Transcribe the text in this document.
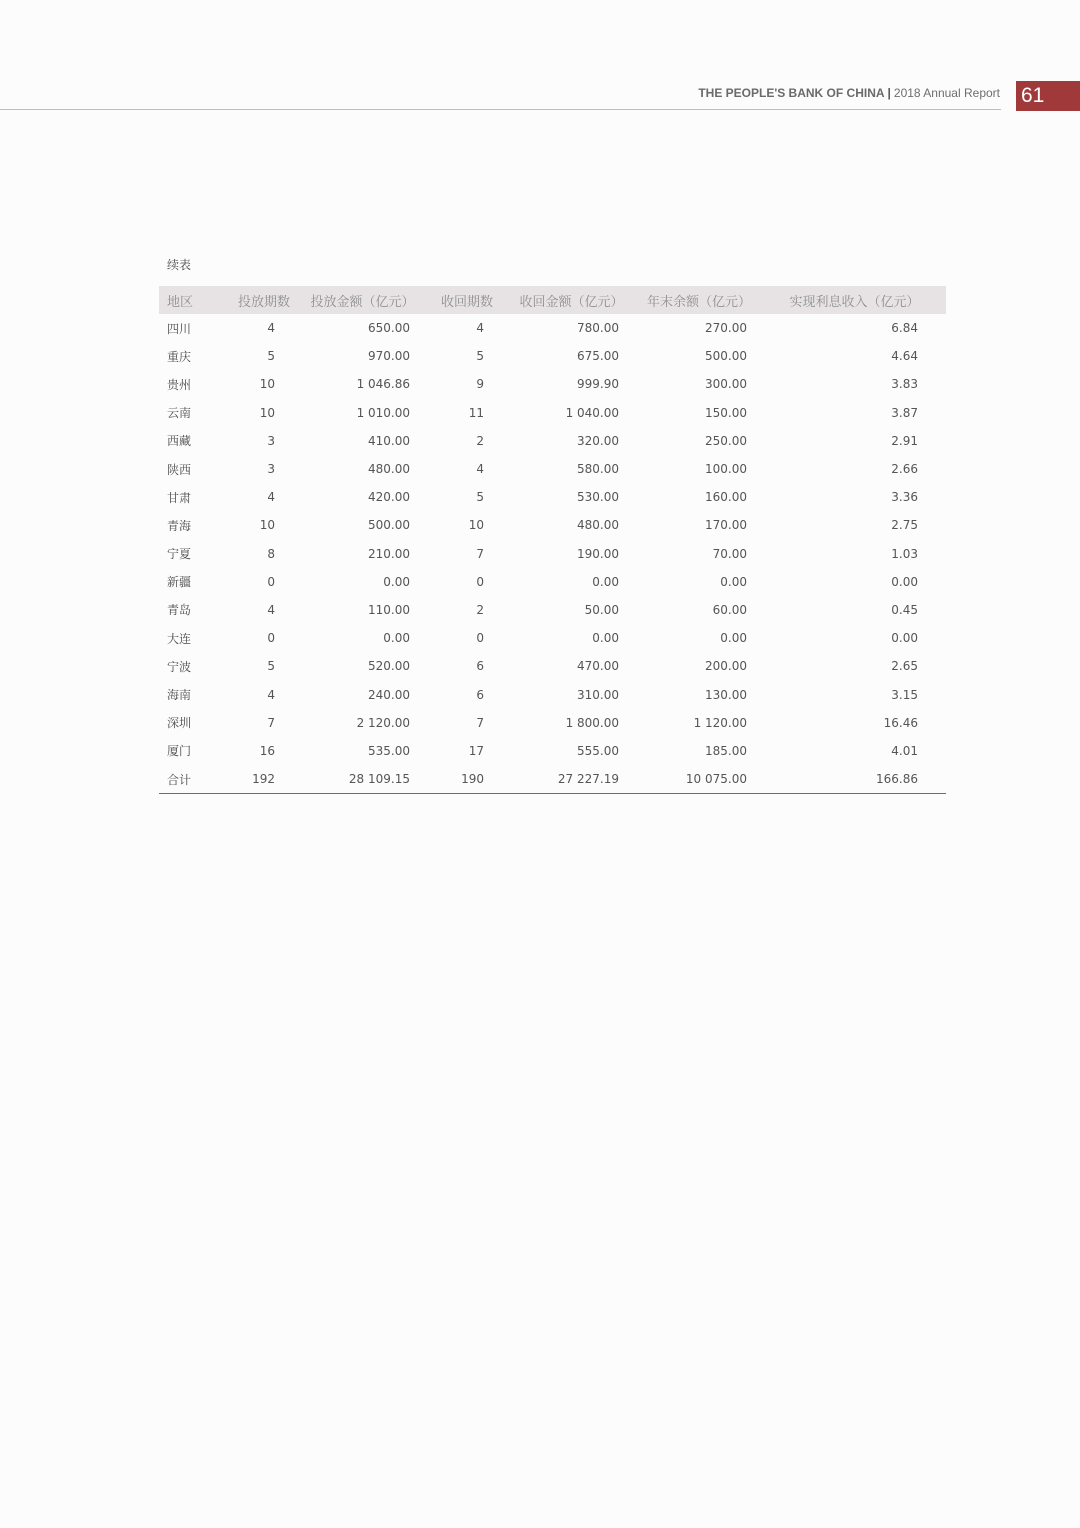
THE PEOPLE'S BANK OF CHINA | 2018 Annual Report 61
续表
地区	投放期数	投放金额（亿元）	收回期数	收回金额（亿元）	年末余额（亿元）	实现利息收入（亿元）
四川	4	650.00	4	780.00	270.00	6.84
重庆	5	970.00	5	675.00	500.00	4.64
贵州	10	1 046.86	9	999.90	300.00	3.83
云南	10	1 010.00	11	1 040.00	150.00	3.87
西藏	3	410.00	2	320.00	250.00	2.91
陕西	3	480.00	4	580.00	100.00	2.66
甘肃	4	420.00	5	530.00	160.00	3.36
青海	10	500.00	10	480.00	170.00	2.75
宁夏	8	210.00	7	190.00	70.00	1.03
新疆	0	0.00	0	0.00	0.00	0.00
青岛	4	110.00	2	50.00	60.00	0.45
大连	0	0.00	0	0.00	0.00	0.00
宁波	5	520.00	6	470.00	200.00	2.65
海南	4	240.00	6	310.00	130.00	3.15
深圳	7	2 120.00	7	1 800.00	1 120.00	16.46
厦门	16	535.00	17	555.00	185.00	4.01
合计	192	28 109.15	190	27 227.19	10 075.00	166.86
